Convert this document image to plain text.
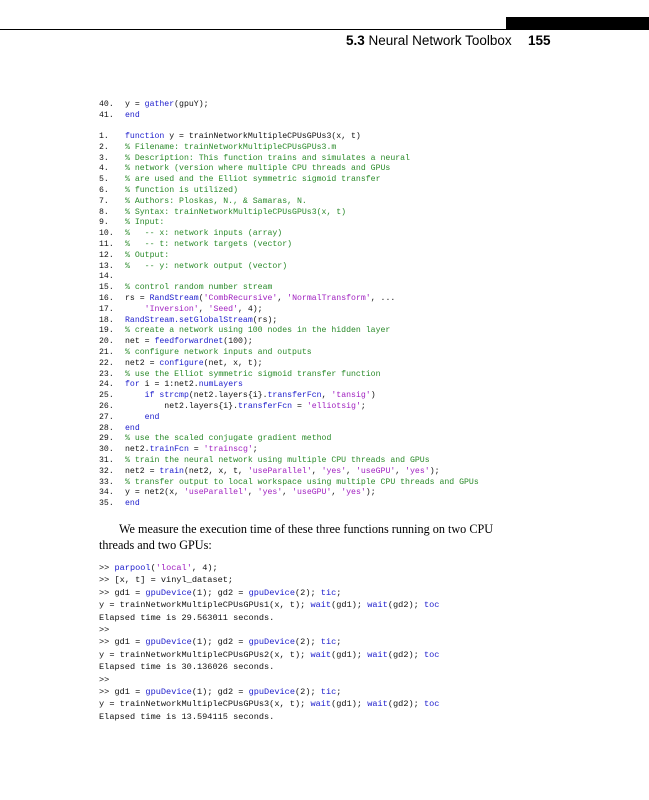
5.3 Neural Network Toolbox 155
40. y = gather(gpuY);
41. end
1. function y = trainNetworkMultipleCPUsGPUs3(x, t)
2. % Filename: trainNetworkMultipleCPUsGPUs3.m
3. % Description: This function trains and simulates a neural
4. % network (version where multiple CPU threads and GPUs
5. % are used and the Elliot symmetric sigmoid transfer
6. % function is utilized)
7. % Authors: Ploskas, N., & Samaras, N.
8. % Syntax: trainNetworkMultipleCPUsGPUs3(x, t)
9. % Input:
10. %   -- x: network inputs (array)
11. %   -- t: network targets (vector)
12. % Output:
13. %   -- y: network output (vector)
14.
15. % control random number stream
16. rs = RandStream('CombRecursive', 'NormalTransform', ...
17.	'Inversion', 'Seed', 4);
18. RandStream.setGlobalStream(rs);
19. % create a network using 100 nodes in the hidden layer
20. net = feedforwardnet(100);
21. % configure network inputs and outputs
22. net2 = configure(net, x, t);
23. % use the Elliot symmetric sigmoid transfer function
24. for i = 1:net2.numLayers
25.	if strcmp(net2.layers{i}.transferFcn, 'tansig')
26.        net2.layers{i}.transferFcn = 'elliotsig';
27.	end
28. end
29. % use the scaled conjugate gradient method
30. net2.trainFcn = 'trainscg';
31. % train the neural network using multiple CPU threads and GPUs
32. net2 = train(net2, x, t, 'useParallel', 'yes', 'useGPU', 'yes');
33. % transfer output to local workspace using multiple CPU threads and GPUs
34. y = net2(x, 'useParallel', 'yes', 'useGPU', 'yes');
35. end
We measure the execution time of these three functions running on two CPU threads and two GPUs:
>> parpool('local', 4);
>> [x, t] = vinyl_dataset;
>> gd1 = gpuDevice(1); gd2 = gpuDevice(2); tic;
y = trainNetworkMultipleCPUsGPUs1(x, t); wait(gd1); wait(gd2); toc
Elapsed time is 29.563011 seconds.
>>
>> gd1 = gpuDevice(1); gd2 = gpuDevice(2); tic;
y = trainNetworkMultipleCPUsGPUs2(x, t); wait(gd1); wait(gd2); toc
Elapsed time is 30.136026 seconds.
>>
>> gd1 = gpuDevice(1); gd2 = gpuDevice(2); tic;
y = trainNetworkMultipleCPUsGPUs3(x, t); wait(gd1); wait(gd2); toc
Elapsed time is 13.594115 seconds.
